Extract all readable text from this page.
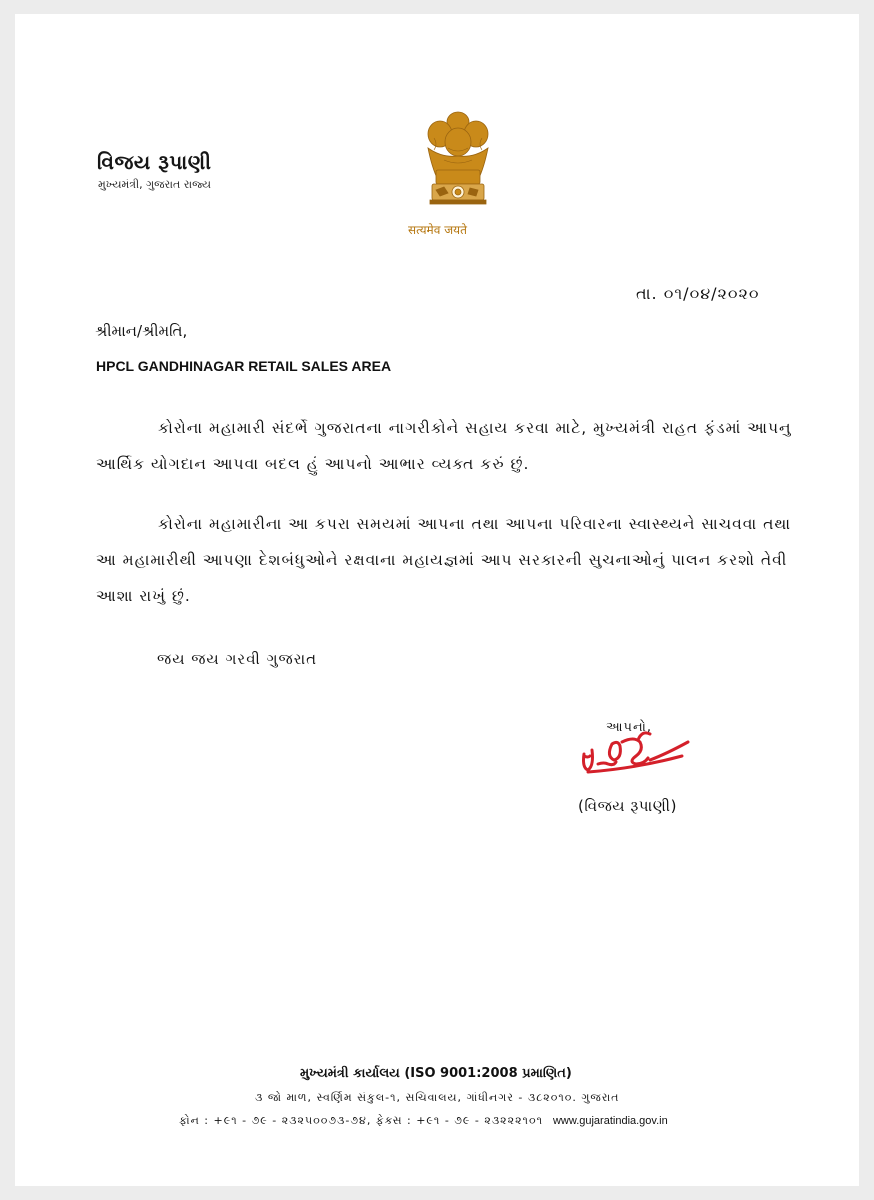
વિજય રૂપાણી
મુખ્યમંત્રી, ગુજરાત રાજ્ય
सत्यमेव जयते
તા. ૦૧/૦૪/૨૦૨૦
શ્રીમાન/શ્રીમતિ,
HPCL GANDHINAGAR RETAIL SALES AREA
કોરોના મહામારી સંદર્ભે ગુજરાતના નાગરીકોને સહાય કરવા માટે, મુખ્યમંત્રી રાહત ફંડમાં આપનુ આર્થિક યોગદાન આપવા બદલ હું આપનો આભાર વ્યક્ત કરું છું.
કોરોના મહામારીના આ કપરા સમયમાં આપના તથા આપના પરિવારના સ્વાસ્થ્યને સાચવવા તથા આ મહામારીથી આપણા દેશબંધુઓને રક્ષવાના મહાયજ્ઞમાં આપ સરકારની સુચનાઓનું પાલન કરશો તેવી આશા રાખું છું.
જય જય ગરવી ગુજરાત
આપનો,
(વિજય રૂપાણી)
મુખ્યમંત્રી કાર્યાલય (ISO 9001:2008 પ્રમાણિત)
૩ જો માળ, સ્વર્ણિમ સંકુલ-૧, સચિવાલય, ગાંધીનગર - ૩૮૨૦૧૦. ગુજરાત
ફોન : +૯૧ - ૭૯ - ૨૩૨૫૦૦૭૩-૭૪, ફેક્સ : +૯૧ - ૭૯ - ૨૩૨૨૨૧૦૧ www.gujaratindia.gov.in
